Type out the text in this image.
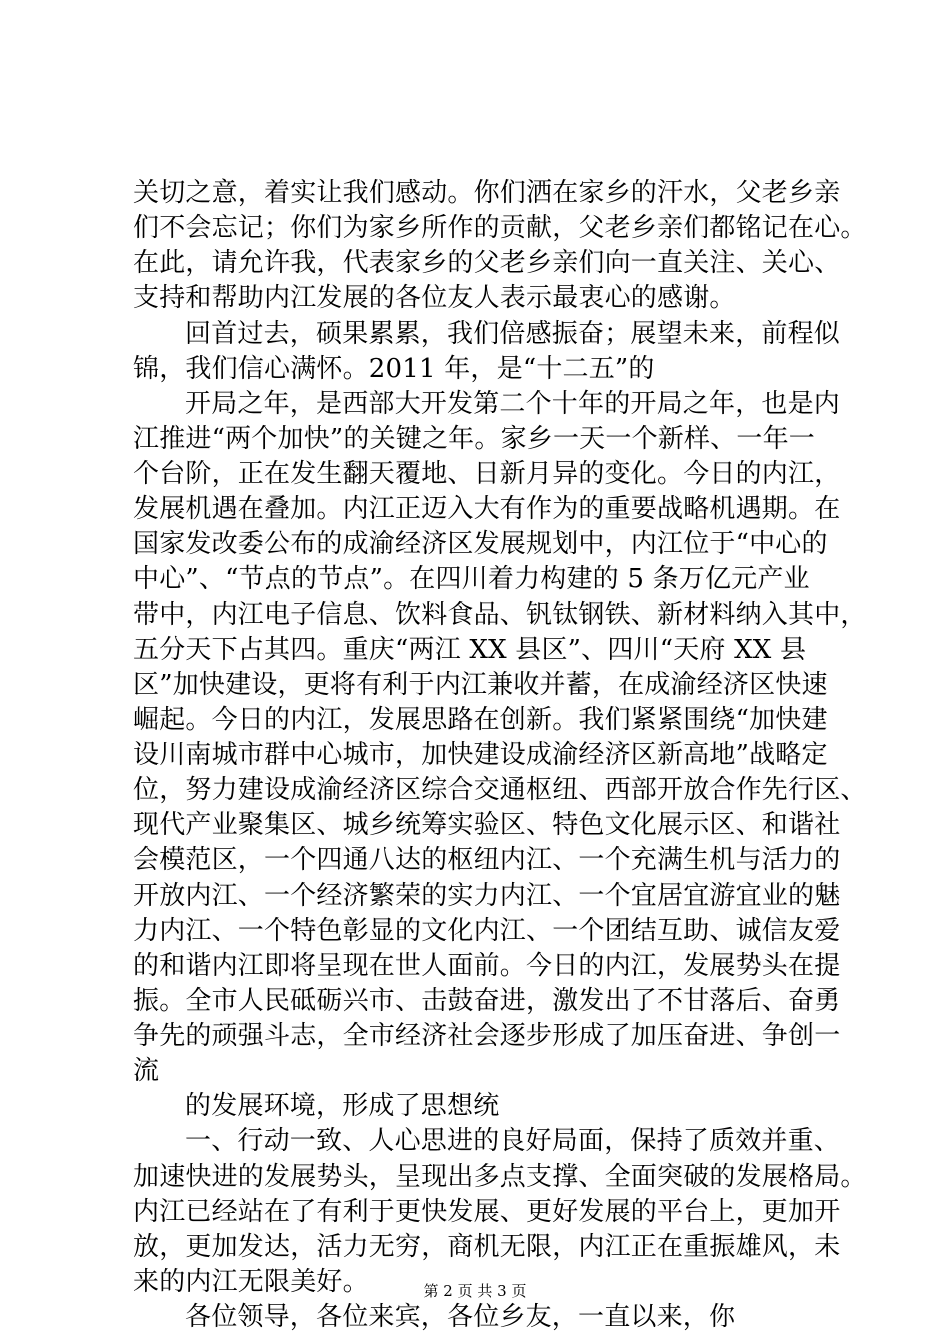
关切之意，着实让我们感动。你们洒在家乡的汗水，父老乡亲
们不会忘记；你们为家乡所作的贡献，父老乡亲们都铭记在心。
在此，请允许我，代表家乡的父老乡亲们向一直关注、关心、
支持和帮助内江发展的各位友人表示最衷心的感谢。
回首过去，硕果累累，我们倍感振奋；展望未来，前程似
锦，我们信心满怀。2011 年，是“十二五”的
开局之年，是西部大开发第二个十年的开局之年，也是内
江推进“两个加快”的关键之年。家乡一天一个新样、一年一
个台阶，正在发生翻天覆地、日新月异的变化。今日的内江，
发展机遇在叠加。内江正迈入大有作为的重要战略机遇期。在
国家发改委公布的成渝经济区发展规划中，内江位于“中心的
中心”、“节点的节点”。在四川着力构建的 5 条万亿元产业
带中，内江电子信息、饮料食品、钒钛钢铁、新材料纳入其中，
五分天下占其四。重庆“两江 XX 县区”、四川“天府 XX 县
区”加快建设，更将有利于内江兼收并蓄，在成渝经济区快速
崛起。今日的内江，发展思路在创新。我们紧紧围绕“加快建
设川南城市群中心城市，加快建设成渝经济区新高地”战略定
位，努力建设成渝经济区综合交通枢纽、西部开放合作先行区、
现代产业聚集区、城乡统筹实验区、特色文化展示区、和谐社
会模范区，一个四通八达的枢纽内江、一个充满生机与活力的
开放内江、一个经济繁荣的实力内江、一个宜居宜游宜业的魅
力内江、一个特色彰显的文化内江、一个团结互助、诚信友爱
的和谐内江即将呈现在世人面前。今日的内江，发展势头在提
振。全市人民砥砺兴市、击鼓奋进，激发出了不甘落后、奋勇
争先的顽强斗志，全市经济社会逐步形成了加压奋进、争创一
流
的发展环境，形成了思想统
一、行动一致、人心思进的良好局面，保持了质效并重、
加速快进的发展势头，呈现出多点支撑、全面突破的发展格局。
内江已经站在了有利于更快发展、更好发展的平台上，更加开
放，更加发达，活力无穷，商机无限，内江正在重振雄风，未
来的内江无限美好。
各位领导，各位来宾，各位乡友，一直以来，你
第 2 页 共 3 页
